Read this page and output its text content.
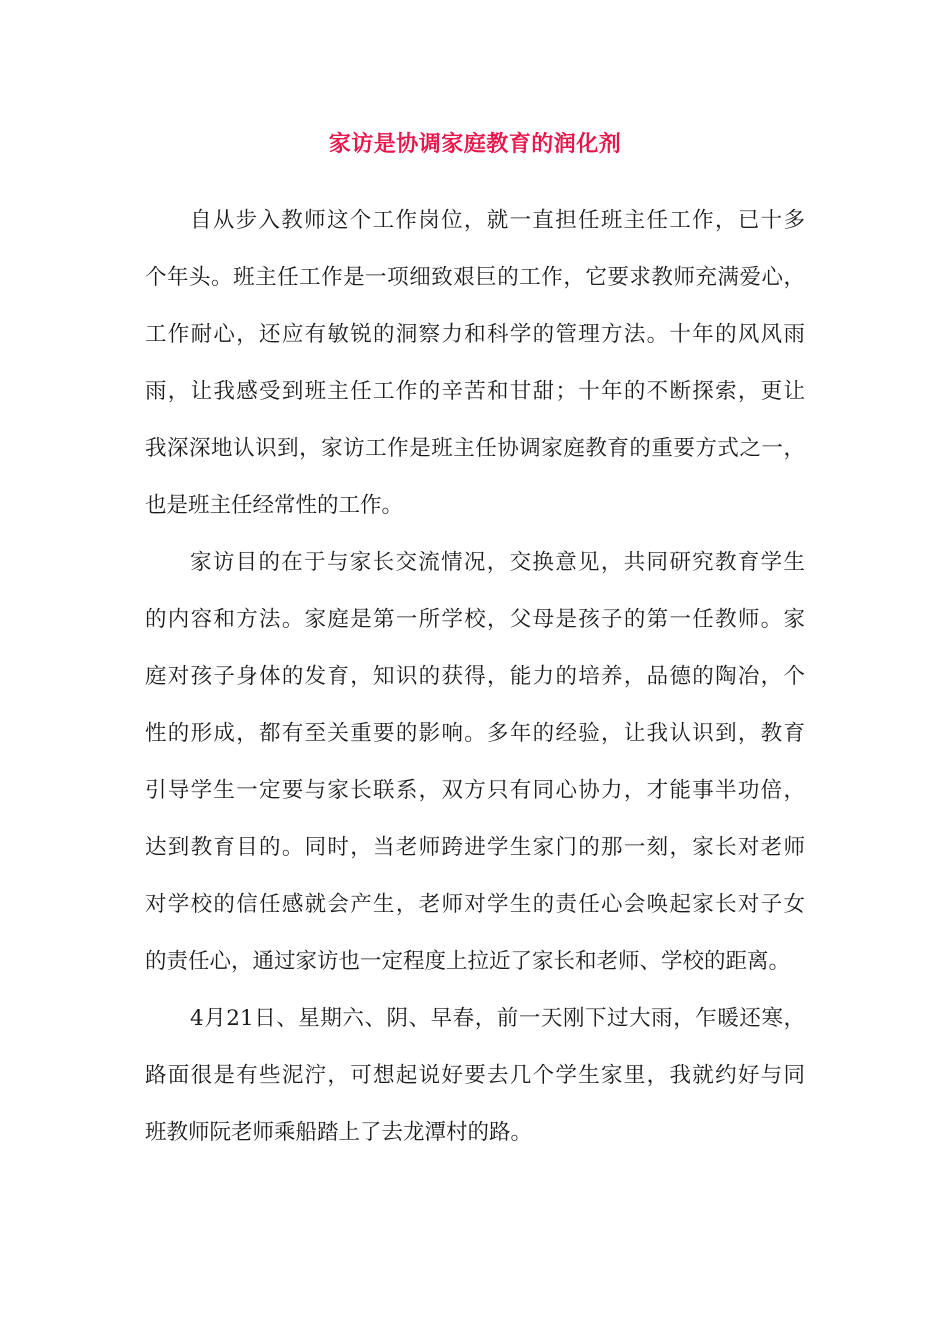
家访是协调家庭教育的润化剂
自从步入教师这个工作岗位，就一直担任班主任工作，已十多
个年头。班主任工作是一项细致艰巨的工作，它要求教师充满爱心，
工作耐心，还应有敏锐的洞察力和科学的管理方法。十年的风风雨
雨，让我感受到班主任工作的辛苦和甘甜；十年的不断探索，更让
我深深地认识到，家访工作是班主任协调家庭教育的重要方式之一，
也是班主任经常性的工作。
家访目的在于与家长交流情况，交换意见，共同研究教育学生
的内容和方法。家庭是第一所学校，父母是孩子的第一任教师。家
庭对孩子身体的发育，知识的获得，能力的培养，品德的陶冶，个
性的形成，都有至关重要的影响。多年的经验，让我认识到，教育
引导学生一定要与家长联系，双方只有同心协力，才能事半功倍，
达到教育目的。同时，当老师跨进学生家门的那一刻，家长对老师
对学校的信任感就会产生，老师对学生的责任心会唤起家长对子女
的责任心，通过家访也一定程度上拉近了家长和老师、学校的距离。
4月21日、星期六、阴、早春，前一天刚下过大雨，乍暖还寒，
路面很是有些泥泞，可想起说好要去几个学生家里，我就约好与同
班教师阮老师乘船踏上了去龙潭村的路。
